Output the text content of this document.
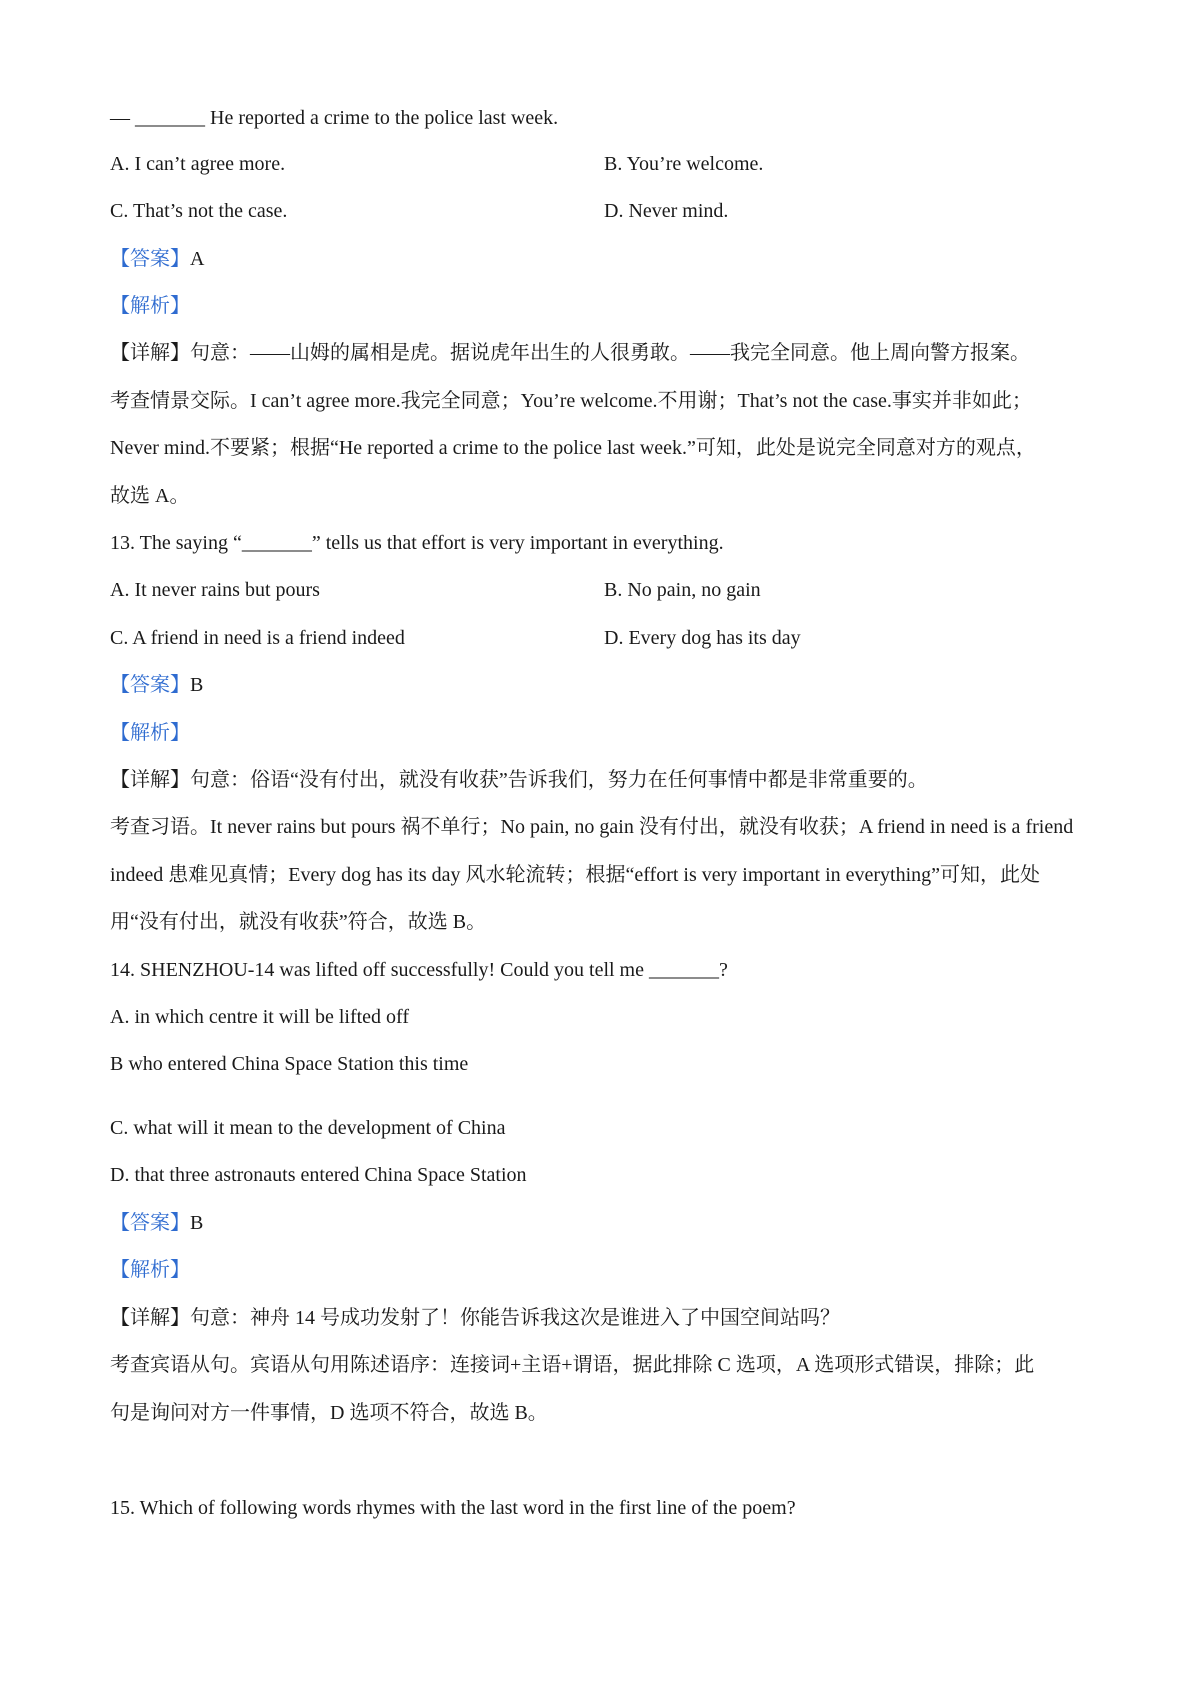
— _______ He reported a crime to the police last week.
A. I can’t agree more.	B. You’re welcome.
C. That’s not the case.	D. Never mind.
【答案】A
【解析】
【详解】句意：——山姆的属相是虎。据说虎年出生的人很勇敢。——我完全同意。他上周向警方报案。
考查情景交际。I can’t agree more.我完全同意；You’re welcome.不用谢；That’s not the case.事实并非如此；
Never mind.不要紧；根据“He reported a crime to the police last week.”可知，此处是说完全同意对方的观点，
故选 A。
13. The saying “_______” tells us that effort is very important in everything.
A. It never rains but pours	B. No pain, no gain
C. A friend in need is a friend indeed	D. Every dog has its day
【答案】B
【解析】
【详解】句意：俗语“没有付出，就没有收获”告诉我们，努力在任何事情中都是非常重要的。
考查习语。It never rains but pours 祸不单行；No pain, no gain 没有付出，就没有收获；A friend in need is a friend
indeed 患难见真情；Every dog has its day 风水轮流转；根据“effort is very important in everything”可知，此处
用“没有付出，就没有收获”符合，故选 B。
14. SHENZHOU-14 was lifted off successfully! Could you tell me _______?
A. in which centre it will be lifted off
B who entered China Space Station this time
C. what will it mean to the development of China
D. that three astronauts entered China Space Station
【答案】B
【解析】
【详解】句意：神舟 14 号成功发射了！你能告诉我这次是谁进入了中国空间站吗？
考查宾语从句。宾语从句用陈述语序：连接词+主语+谓语，据此排除 C 选项，A 选项形式错误，排除；此
句是询问对方一件事情，D 选项不符合，故选 B。
15. Which of following words rhymes with the last word in the first line of the poem?
